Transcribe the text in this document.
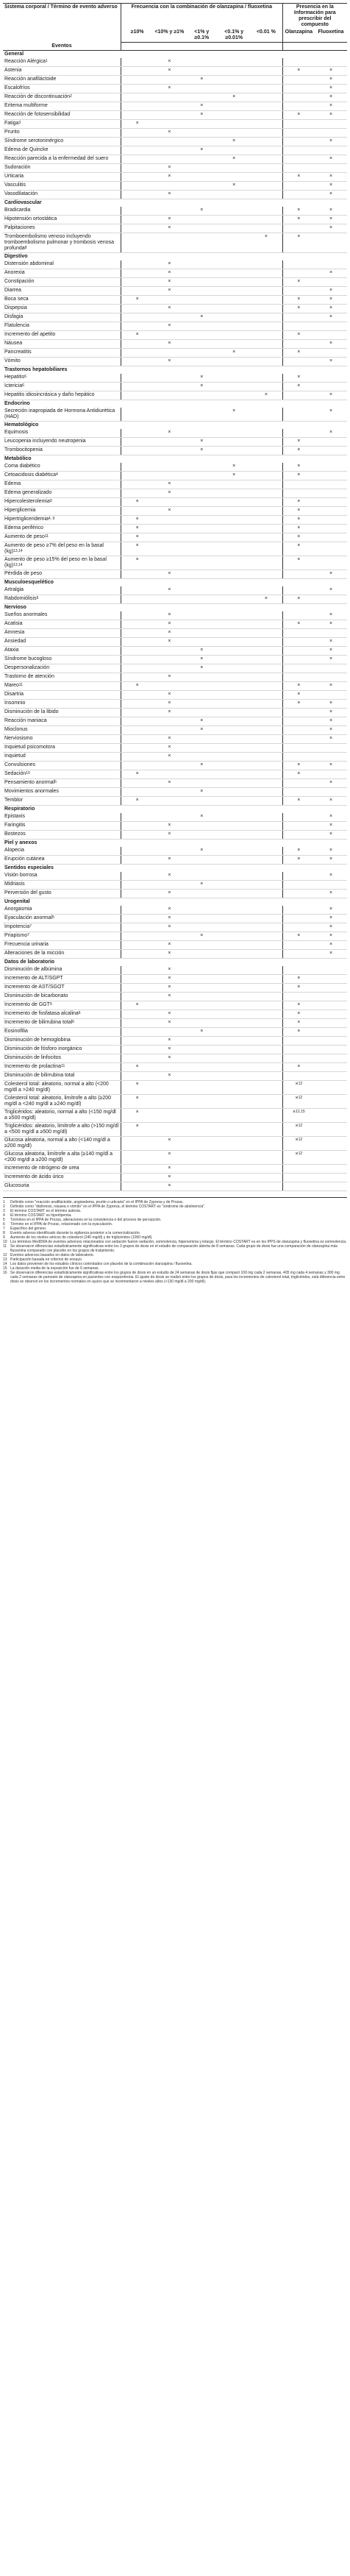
Sistema corporal / Término de evento adverso	Frecuencia con la combinación de olanzapina / fluoxetina					Presencia en la Información para prescribir del compuesto	
	≥10%	<10% y ≥1%	<1% y ≥0.1%	<0.1% y ≥0.01%	<0.01 %	Olanzapina	Fluoxetina
Eventos							
General							
Reacción Alérgica$^1$		×					
Astenia		×				×	×
Reacción anafiláctoide			×				×
Escalofríos		×					×
Reacción de discontinuación$^2$				×			×
Eritema multiforme			×				×
Reacción de fotosensibilidad			×			×	×
Fatiga$^3$	×						
Prurito		×					
Síndrome serotoninérgico				×			×
Edema de Quincke			×				
Reacción parecida a la enfermedad del suero				×			×
Sudoración		×					
Urticaria		×				×	×
Vasculitis				×			×
Vasodilatación		×					×
Cardiovascular							
Bradicardia			×			×	×
Hipotensión ortostática		×				×	×
Palpitaciones		×					×
Tromboembolismo venoso incluyendo tromboembolismo pulmonar y trombosis venosa profunda$^8$					×	×	
Digestivo							
Distensión abdominal		×					
Anorexia		×					×
Constipación		×				×	
Diarrea		×					×
Boca seca	×					×	×
Dispepsia		×				×	×
Disfagia			×				×
Flatulencia		×					
Incremento del apetito	×					×	
Náusea		×					×
Pancreatitis				×		×	
Vómito		×					×
Trastornos hepatobiliares							
Hepatitis$^6$			×			×	
Ictericia$^6$			×			×	
Hepatitis idiosincrásica y daño hepático					×		×
Endocrino							
Secreción inapropiada de Hormona Antidiurética (HAD)				×			×
Hematológico							
Equimosis		×					×
Leucopenia incluyendo neutropenia			×			×	
Trombocitopenia			×			×	
Metabólico							
Coma diabético				×		×	
Cetoacidosis diabética$^4$				×		×	
Edema		×					
Edema generalizado		×					
Hipercolesterolemia$^9$	×					×	
Hiperglicemia		×				×	
Hipertrigliceridemia$^{4, 9}$	×					×	
Edema periférico	×					×	
Aumento de peso$^{11}$	×					×	
Aumento de peso ≥7% del peso en la basal (kg)$^{13,14}$	×					×	
Aumento de peso ≥15% del peso en la basal (kg)$^{13,14}$	×					×	
Pérdida de peso		×					×
Musculoesquelético							
Artralgia		×					×
Rabdomiólisis$^6$					×	×	
Nervioso							
Sueños anormales		×					×
Acatisia		×				×	×
Amnesia		×					
Ansiedad		×					×
Ataxia			×				×
Síndrome bucogloso			×				×
Despersonalización			×				
Trastorno de atención		×					
Mareo$^{11}$	×					×	×
Disartria		×				×	
Insomnio		×				×	×
Disminución de la libido		×					×
Reacción maniaca			×				×
Mioclonus			×				×
Nerviosismo		×					×
Inquietud psicomotora		×					
Inquietud		×					
Convulsiones			×			×	×
Sedación$^{10}$	×					×	
Pensamiento anormal$^6$		×					×
Movimientos anormales			×				
Temblor	×					×	×
Respiratorio							
Epistaxis			×				×
Faringitis		×					×
Bostezos		×					×
Piel y anexos							
Alopecia			×			×	×
Erupción cutánea		×				×	×
Sentidos especiales							
Visión borrosa		×					×
Midriasis			×				
Perversión del gusto		×					×
Urogenital							
Anorgasmia		×					×
Eyaculación anormal$^5$		×					×
Impotencia$^7$		×					×
Priapismo$^7$			×			×	×
Frecuencia urinaria		×					×
Alteraciones de la micción		×					×
Datos de laboratorio							
Disminución de albúmina		×					
Incremento de ALT/SGPT		×				×	
Incremento de AST/SGOT		×				×	
Disminución de bicarbonato		×					
Incremento de $GGT^9$	×					×	
Incremento de fosfatasa alcalina$^6$		×				×	
Incremento de bilirrubina total$^6$		×				×	
Eosinofilia			×			×	
Disminución de hemoglobina		×					
Disminución de fósforo inorgánico		×					
Disminución de linfocitos		×					
Incremento de prolactina$^{11}$	×					×	
Disminución de bilirrubina total		×					
Colesterol total: aleatorio, normal a alto (<200 mg/dl a >240 mg/dl)	×					×$^{12}$	
Colesterol total: aleatorio, limítrofe a alto (≥200 mg/dl a <240 mg/dl a ≥240 mg/dl)	×					×$^{12}$	
Triglicéridos: aleatorio, normal a alto (<150 mg/dl a ≥500 mg/dl)	×					×$^{12,15}$	
Triglicéridos: aleatorio, limítrofe a alto (>150 mg/dl a <500 mg/dl a ≥500 mg/dl)	×					×$^{12}$	
Glucosa aleatoria, normal a alto (<140 mg/dl a ≥200 mg/dl)		×				×$^{12}$	
Glucosa aleatoria, limítrofe a alta (≥140 mg/dl a <200 mg/dl a ≥200 mg/dl)		×				×$^{12}$	
Incremento de nitrógeno de urea		×					
Incremento de ácido úrico		×					
Glucosuria		×					
1	Definido como "reacción anafiláctoide, angioedema, prurito o urticaria" en el IPPA de Zyprexa y de Prozac.
2	Definido como "diaforesis, náusea o vómito" en el IPPA de Zyprexa, el término COSTART es "síndrome de abstinencia".
3	El término COSTART es el término astenia.
4	El término COSTART es hiperlipemia.
5	Términos en el IPPA de Prozac, alteraciones en la consistencia o del proceso de percepción.
6	Término en el IPPA de Prozac, relacionado con la eyaculación.
7	Específico del género.
8	Evento adverso identificado durante la vigilancia posterior a la comercialización.
9	Aumento de los niveles séricos de colesterol (240 mg/dl) y de triglicéridos (1000 mg/dl).
10 Los términos MedDRA de eventos adversos relacionados con sedación fueron sedación, somnolencia, hipersomnia y letargo. El término COSTART es en los IPPS de olanzapina y fluoxetina es somnolencia.
11 Se observaron diferencias estadísticamente significativas entre los 3 grupos de dosis en el estudio de comparación abierta de 8 semanas. Cada grupo de dosis fue una comparación de olanzapina más fluoxetina comparado con placebo en los grupos de tratamiento.
12 Eventos adversos basados en datos de laboratorio.
13 Participación basada en criterios de ensayo.
14 Los datos provienen de los estudios clínicos controlados con placebo de la combinación olanzapina / fluoxetina.
15 La duración media de la exposición fue de 6 semanas.
16 Se observaron diferencias estadísticamente significativas entre los grupos de dosis en un estudio de 24 semanas de dosis fijas que comparó 100 mg cada 2 semanas, 405 mg cada 4 semanas y 300 mg cada 2 semanas de pamoato de olanzapina en pacientes con esquizofrenia. El ajuste de dosis se realizó entre los grupos de dosis, para los incrementos de colesterol total, triglicéridos, está diferencia entre dosis se observó en los incrementos normales en ayuno que se incrementaron a niveles altos (>130 mg/dl a 200 mg/dl).
